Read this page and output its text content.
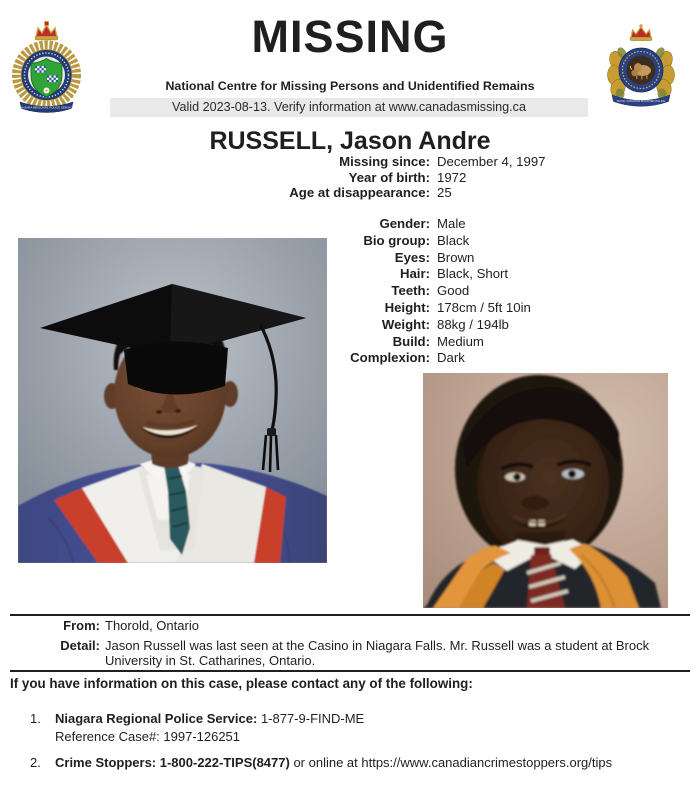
NIAGARA REGIONAL POLICE SERVICE
ROYAL CANADIAN MOUNTED POLICE
MISSING
National Centre for Missing Persons and Unidentified Remains
Valid 2023-08-13. Verify information at www.canadasmissing.ca
RUSSELL, Jason Andre
Missing since: December 4, 1997
Year of birth: 1972
Age at disappearance: 25
Gender: Male
Bio group: Black
Eyes: Brown
Hair: Black, Short
Teeth: Good
Height: 178cm / 5ft 10in
Weight: 88kg / 194lb
Build: Medium
Complexion: Dark
From: Thorold, Ontario
Detail: Jason Russell was last seen at the Casino in Niagara Falls. Mr. Russell was a student at Brock University in St. Catharines, Ontario.
If you have information on this case, please contact any of the following:
1. Niagara Regional Police Service: 1-877-9-FIND-ME
Reference Case#: 1997-126251
2. Crime Stoppers: 1-800-222-TIPS(8477) or online at https://www.canadiancrimestoppers.org/tips
